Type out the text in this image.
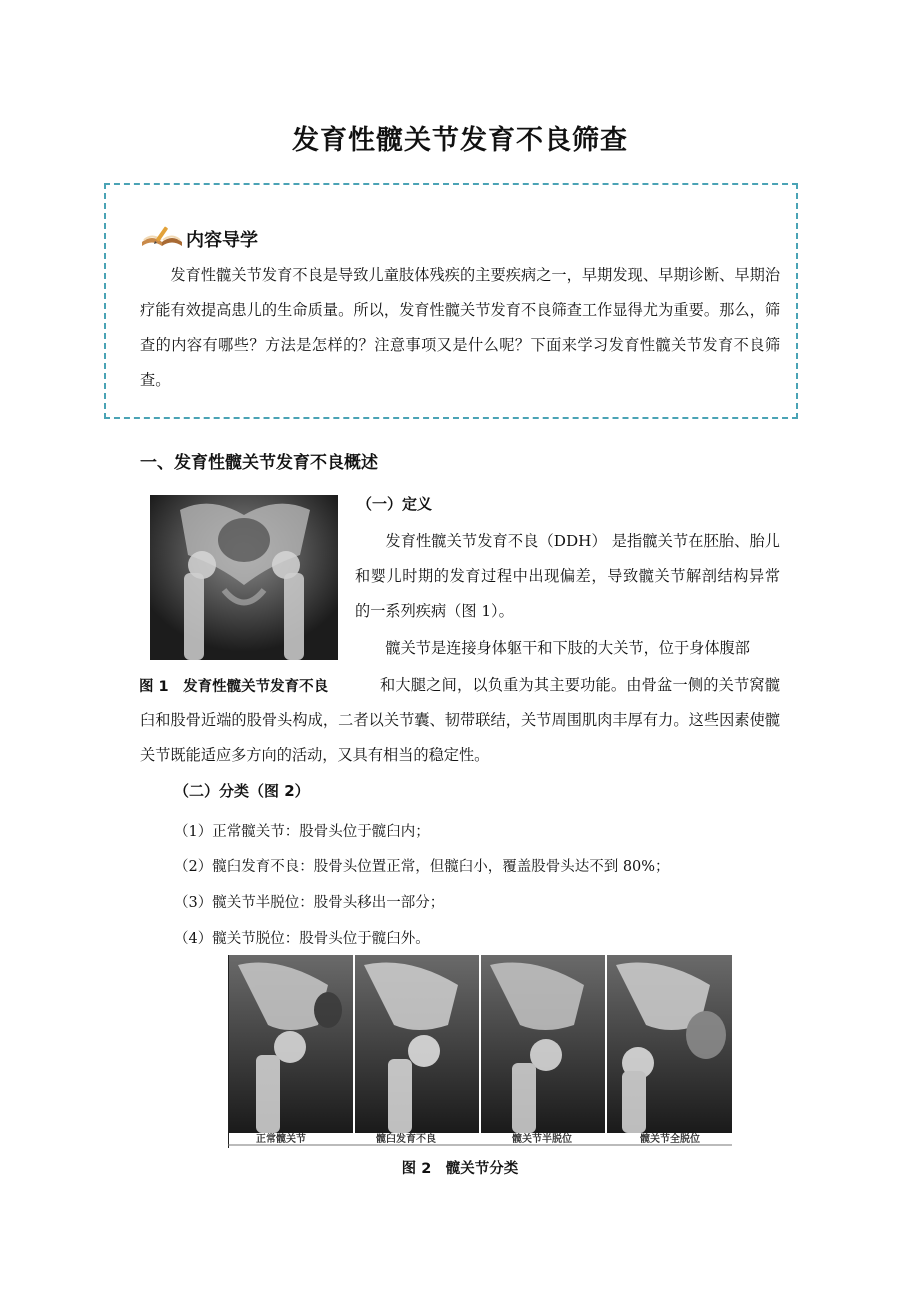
发育性髋关节发育不良筛查
内容导学
发育性髋关节发育不良是导致儿童肢体残疾的主要疾病之一，早期发现、早期诊断、早期治疗能有效提高患儿的生命质量。所以，发育性髋关节发育不良筛查工作显得尤为重要。那么，筛查的内容有哪些？方法是怎样的？注意事项又是什么呢？下面来学习发育性髋关节发育不良筛查。
一、发育性髋关节发育不良概述
（一）定义
发育性髋关节发育不良（DDH） 是指髋关节在胚胎、胎儿和婴儿时期的发育过程中出现偏差，导致髋关节解剖结构异常的一系列疾病（图 1）。
髋关节是连接身体躯干和下肢的大关节，位于身体腹部
图 1　发育性髋关节发育不良	和大腿之间，以负重为其主要功能。由骨盆一侧的关节窝髋臼和股骨近端的股骨头构成，二者以关节囊、韧带联结，关节周围肌肉丰厚有力。这些因素使髋关节既能适应多方向的活动，又具有相当的稳定性。
（二）分类（图 2）
（1）正常髋关节：股骨头位于髋臼内；
（2）髋臼发育不良：股骨头位置正常，但髋臼小，覆盖股骨头达不到 80%；
（3）髋关节半脱位：股骨头移出一部分；
（4）髋关节脱位：股骨头位于髋臼外。
正常髋关节	髋臼发育不良	髋关节半脱位	髋关节全脱位
图 2　髋关节分类
